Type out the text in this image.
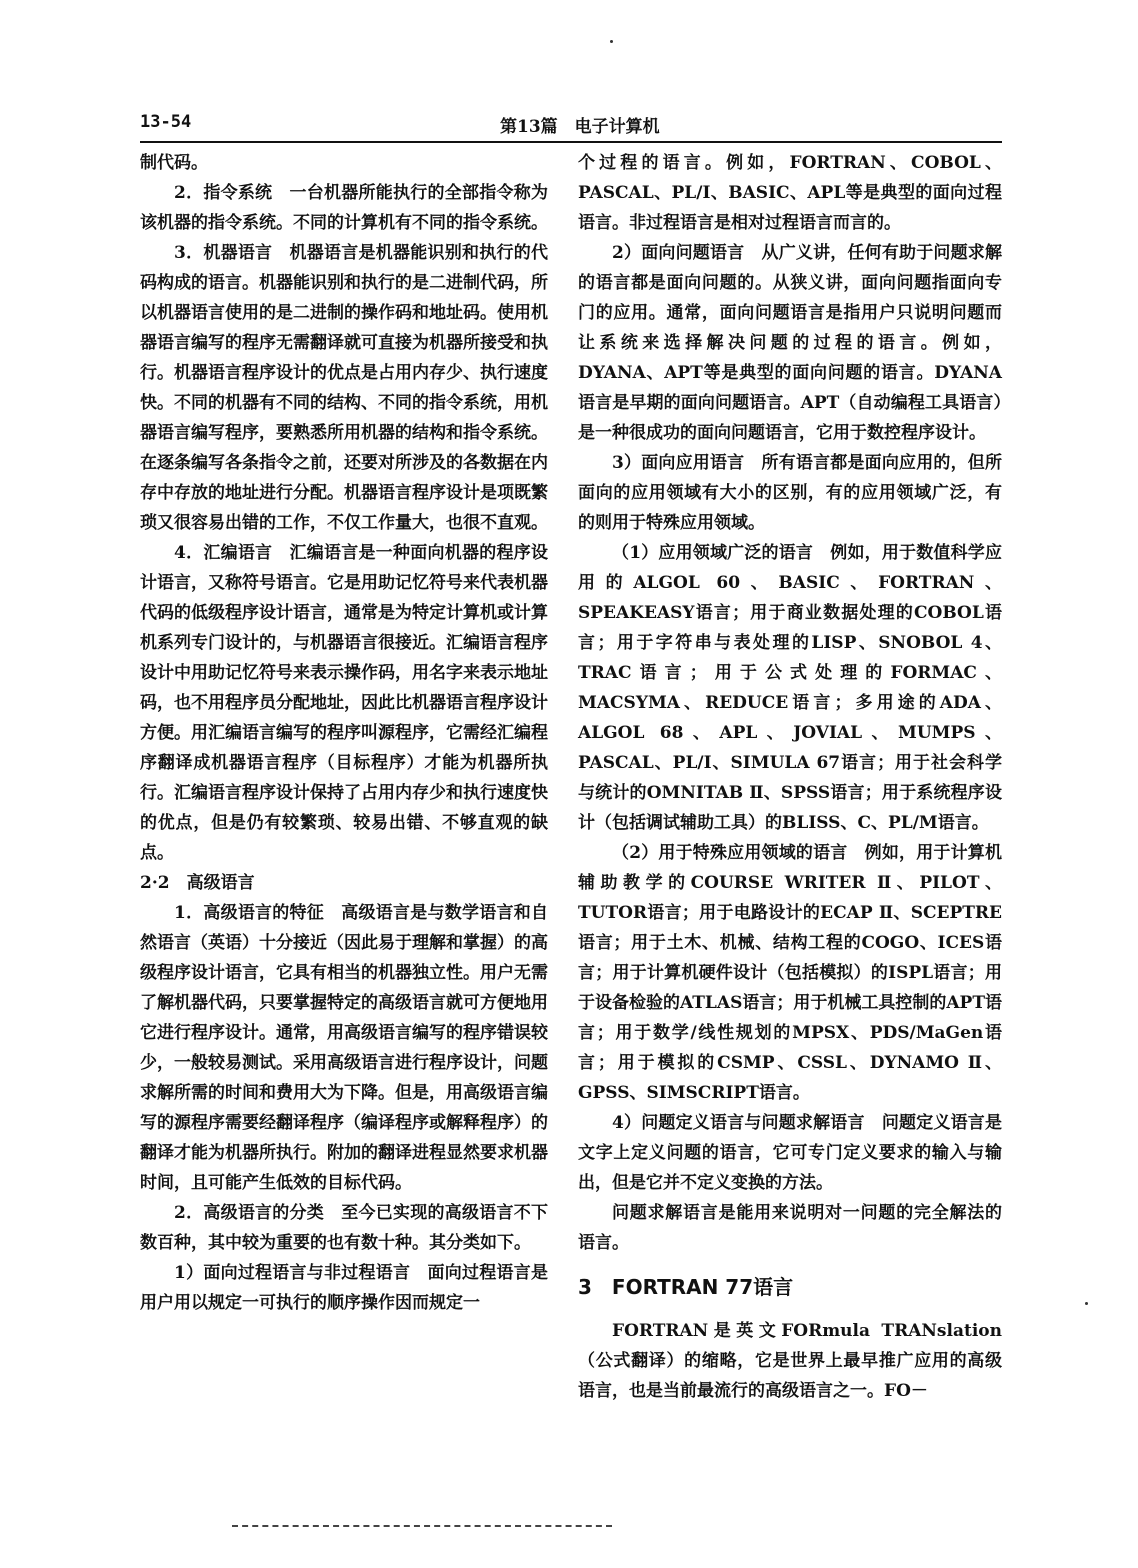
13-54	第13篇　电子计算机

制代码。

2．指令系统　一台机器所能执行的全部指令称为该机器的指令系统。不同的计算机有不同的指令系统。

3．机器语言　机器语言是机器能识别和执行的代码构成的语言。机器能识别和执行的是二进制代码，所以机器语言使用的是二进制的操作码和地址码。使用机器语言编写的程序无需翻译就可直接为机器所接受和执行。机器语言程序设计的优点是占用内存少、执行速度快。不同的机器有不同的结构、不同的指令系统，用机器语言编写程序，要熟悉所用机器的结构和指令系统。在逐条编写各条指令之前，还要对所涉及的各数据在内存中存放的地址进行分配。机器语言程序设计是项既繁琐又很容易出错的工作，不仅工作量大，也很不直观。

4．汇编语言　汇编语言是一种面向机器的程序设计语言，又称符号语言。它是用助记忆符号来代表机器代码的低级程序设计语言，通常是为特定计算机或计算机系列专门设计的，与机器语言很接近。汇编语言程序设计中用助记忆符号来表示操作码，用名字来表示地址码，也不用程序员分配地址，因此比机器语言程序设计方便。用汇编语言编写的程序叫源程序，它需经汇编程序翻译成机器语言程序（目标程序）才能为机器所执行。汇编语言程序设计保持了占用内存少和执行速度快的优点，但是仍有较繁琐、较易出错、不够直观的缺点。

2·2　高级语言

1．高级语言的特征　高级语言是与数学语言和自然语言（英语）十分接近（因此易于理解和掌握）的高级程序设计语言，它具有相当的机器独立性。用户无需了解机器代码，只要掌握特定的高级语言就可方便地用它进行程序设计。通常，用高级语言编写的程序错误较少，一般较易测试。采用高级语言进行程序设计，问题求解所需的时间和费用大为下降。但是，用高级语言编写的源程序需要经翻译程序（编译程序或解释程序）的翻译才能为机器所执行。附加的翻译进程显然要求机器时间，且可能产生低效的目标代码。

2．高级语言的分类　至今已实现的高级语言不下数百种，其中较为重要的也有数十种。其分类如下。

1）面向过程语言与非过程语言　面向过程语言是用户用以规定一可执行的顺序操作因而规定一

个过程的语言。例如，FORTRAN、COBOL、PASCAL、PL/I、BASIC、APL等是典型的面向过程语言。非过程语言是相对过程语言而言的。

2）面向问题语言　从广义讲，任何有助于问题求解的语言都是面向问题的。从狭义讲，面向问题指面向专门的应用。通常，面向问题语言是指用户只说明问题而让系统来选择解决问题的过程的语言。例如，DYANA、APT等是典型的面向问题的语言。DYANA语言是早期的面向问题语言。APT（自动编程工具语言）是一种很成功的面向问题语言，它用于数控程序设计。

3）面向应用语言　所有语言都是面向应用的，但所面向的应用领域有大小的区别，有的应用领域广泛，有的则用于特殊应用领域。

（1）应用领域广泛的语言　例如，用于数值科学应用的ALGOL 60、BASIC、FORTRAN、SPEAKEASY语言；用于商业数据处理的COBOL语言；用于字符串与表处理的LISP、SNOBOL 4、TRAC语言；用于公式处理的FORMAC、MACSYMA、REDUCE语言；多用途的ADA、ALGOL 68、APL、JOVIAL、MUMPS、PASCAL、PL/I、SIMULA 67语言；用于社会科学与统计的OMNITAB Ⅱ、SPSS语言；用于系统程序设计（包括调试辅助工具）的BLISS、C、PL/M语言。

（2）用于特殊应用领域的语言　例如，用于计算机辅助教学的COURSE WRITER Ⅱ、PILOT、TUTOR语言；用于电路设计的ECAP Ⅱ、SCEPTRE语言；用于土木、机械、结构工程的COGO、ICES语言；用于计算机硬件设计（包括模拟）的ISPL语言；用于设备检验的ATLAS语言；用于机械工具控制的APT语言；用于数学/线性规划的MPSX、PDS/MaGen语言；用于模拟的CSMP、CSSL、DYNAMO Ⅱ、GPSS、SIMSCRIPT语言。

4）问题定义语言与问题求解语言　问题定义语言是文字上定义问题的语言，它可专门定义要求的输入与输出，但是它并不定义变换的方法。

问题求解语言是能用来说明对一问题的完全解法的语言。

3　FORTRAN 77语言

FORTRAN是英文FORmula TRANslation（公式翻译）的缩略，它是世界上最早推广应用的高级语言，也是当前最流行的高级语言之一。FO－
